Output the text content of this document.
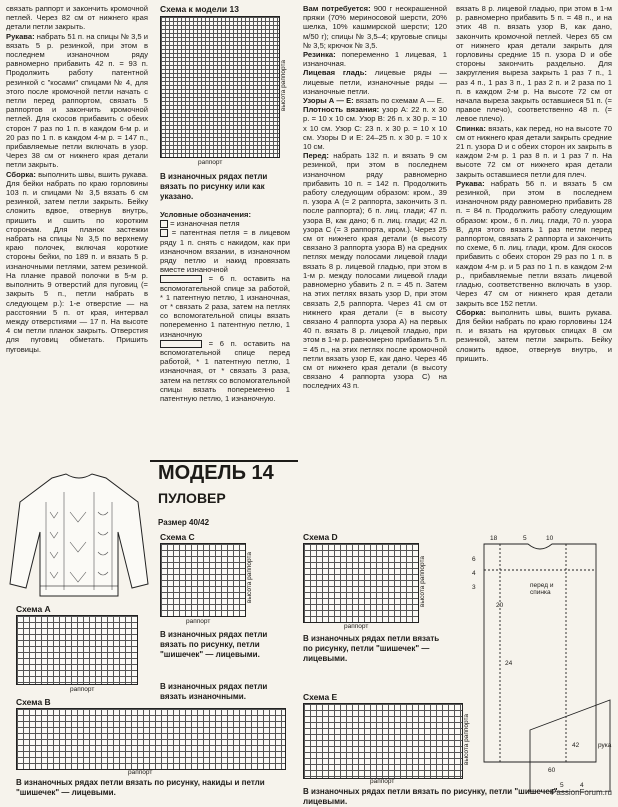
связать раппорт и закончить кромочной петлей. Через 82 см от нижнего края детали петли закрыть.

Рукава: набрать 51 п. на спицы № 3,5 и вязать 5 р. резинкой, при этом в последнем изнаночном ряду равномерно прибавить 42 п. = 93 п. Продолжить работу патентной резинкой с "косами" спицами № 4, для этого после кромочной петли начать с петли перед раппортом, связать 5 раппортов и закончить кромочной петлей. Для скосов прибавить с обеих сторон 7 раз по 1 п. в каждом 6-м р. и 20 раз по 1 п. в каждом 4-м р. = 147 п., прибавляемые петли включать в узор. Через 38 см от нижнего края детали петли закрыть.

Сборка: выполнить швы, вшить рукава. Для бейки набрать по краю горловины 103 п. и спицами № 3,5 вязать 6 см резинкой, затем петли закрыть. Бейку сложить вдвое, отвернув внутрь, пришить и сшить по коротким сторонам. Для планок застежки набрать на спицы № 3,5 по верхнему краю полочек, включая короткие стороны бейки, по 189 п. и вязать 5 р. изнаночными петлями, затем резинкой. На планке правой полочки в 5-м р. выполнить 9 отверстий для пуговиц (= закрыть 5 п., петли набрать в следующем р.): 1-е отверстие — на расстоянии 5 п. от края, интервал между отверстиями — 17 п. На высоте 4 см петли планок закрыть. Отверстия для пуговиц обметать. Пришить пуговицы.

Схема к модели 13
высота раппорта
раппорт
В изнаночных рядах петли вязать по рисунку или как указано.

Условные обозначения:

= изнаночная петля

= патентная петля = в лицевом ряду 1 п. снять с накидом, как при изнаночном вязании, в изнаночном ряду петлю и накид провязать вместе изнаночной

= 6 п. оставить на вспомогательной спице за работой, * 1 патентную петлю, 1 изнаночная, от * связать 2 раза, затем на петлях со вспомогательной спицы вязать попеременно 1 патентную петлю, 1 изнаночную

= 6 п. оставить на вспомогательной спице перед работой, * 1 патентную петлю, 1 изнаночная, от * связать 3 раза, затем на петлях со вспомогательной спицы вязать попеременно 1 патентную петлю, 1 изнаночную.

Вам потребуется: 900 г неокрашенной пряжи (70% мериносовой шерсти, 20% шелка, 10% кашмирской шерсти; 120 м/50 г); спицы № 3,5–4; круговые спицы № 3,5; крючок № 3,5.

Резинка: попеременно 1 лицевая, 1 изнаночная.

Лицевая гладь: лицевые ряды — лицевые петли, изнаночные ряды — изнаночные петли.

Узоры А — Е: вязать по схемам А — Е.

Плотность вязания: узор А: 22 п. x 30 р. = 10 x 10 см. Узор В: 26 п. x 30 р. = 10 x 10 см. Узор С: 23 п. x 30 р. = 10 x 10 см. Узоры D и Е: 24–25 п. x 30 р. = 10 x 10 см.

Перед: набрать 132 п. и вязать 9 см резинкой, при этом в последнем изнаночном ряду равномерно прибавить 10 п. = 142 п. Продолжить работу следующим образом: кром., 39 п. узора А (= 2 раппорта, закончить 3 п. после раппорта); 6 п. лиц. глади; 47 п. узора В, как дано; 6 п. лиц. глади; 42 п. узора С (= 3 раппорта, кром.). Через 25 см от нижнего края детали (в высоту связано 3 раппорта узора В) на средних петлях между полосами лицевой глади вязать 8 р. лицевой гладью, при этом в 1-м р. между полосами лицевой глади равномерно убавить 2 п. = 45 п. Затем на этих петлях вязать узор D, при этом связать 2,5 раппорта. Через 41 см от нижнего края детали (= в высоту связано 4 раппорта узора А) на первых 40 п. вязать 8 р. лицевой гладью, при этом в 1-м р. равномерно прибавить 5 п. = 45 п., на этих петлях после кромочной петли вязать узор Е, как дано. Через 46 см от нижнего края детали (в высоту связано 4 раппорта узора С) на последних 43 п.

вязать 8 р. лицевой гладью, при этом в 1-м р. равномерно прибавить 5 п. = 48 п., и на этих 48 п. вязать узор В, как дано, закончить кромочной петлей. Через 65 см от нижнего края детали закрыть для горловины средние 15 п. узора D и обе стороны закончить раздельно. Для закругления выреза закрыть 1 раз 7 п., 1 раз 4 п., 1 раз 3 п., 1 раз 2 п. и 2 раза по 1 п. в каждом 2-м р. На высоте 72 см от начала выреза закрыть оставшиеся 51 п. (= правое плечо), соответственно 48 п. (= левое плечо).

Спинка: вязать, как перед, но на высоте 70 см от нижнего края детали закрыть средние 21 п. узора D и с обеих сторон их закрыть в каждом 2-м р. 1 раз 8 п. и 1 раз 7 п. На высоте 72 см от нижнего края детали закрыть оставшиеся петли для плеч.

Рукава: набрать 56 п. и вязать 5 см резинкой, при этом в последнем изнаночном ряду равномерно прибавить 28 п. = 84 п. Продолжить работу следующим образом: кром., 6 п. лиц. глади, 70 п. узора В, для этого вязать 1 раз петли перед раппортом, связать 2 раппорта и закончить по схеме, 6 п. лиц. глади, кром. Для скосов прибавить с обеих сторон 29 раз по 1 п. в каждом 4-м р. и 5 раз по 1 п. в каждом 2-м р., прибавляемые петли вязать лицевой гладью, соответственно включать в узор. Через 47 см от нижнего края детали закрыть все 152 петли.

Сборка: выполнить швы, вшить рукава. Для бейки набрать по краю горловины 124 п. и вязать на круговых спицах 8 см резинкой, затем петли закрыть. Бейку сложить вдвое, отвернув внутрь, и пришить.

МОДЕЛЬ 14
ПУЛОВЕР
Размер 40/42
Схема С
высота раппорта
раппорт
В изнаночных рядах петли вязать по рисунку, петли "шишечек" — лицевыми.
Схема D
высота раппорта
раппорт
В изнаночных рядах петли вязать по рисунку, петли "шишечек" — лицевыми.
Схема А
раппорт	В изнаночных рядах петли вязать изнаночными.
Схема В
раппорт
В изнаночных рядах петли вязать по рисунку, накиды и петли "шишечек" — лицевыми.
Схема Е
высота раппорта
раппорт
В изнаночных рядах петли вязать по рисунку, петли "шишечек" — лицевыми.
перед и спинка
рука
18	5	10
6
4
3
20
24
60
42
5	4
PassionForum.ru
